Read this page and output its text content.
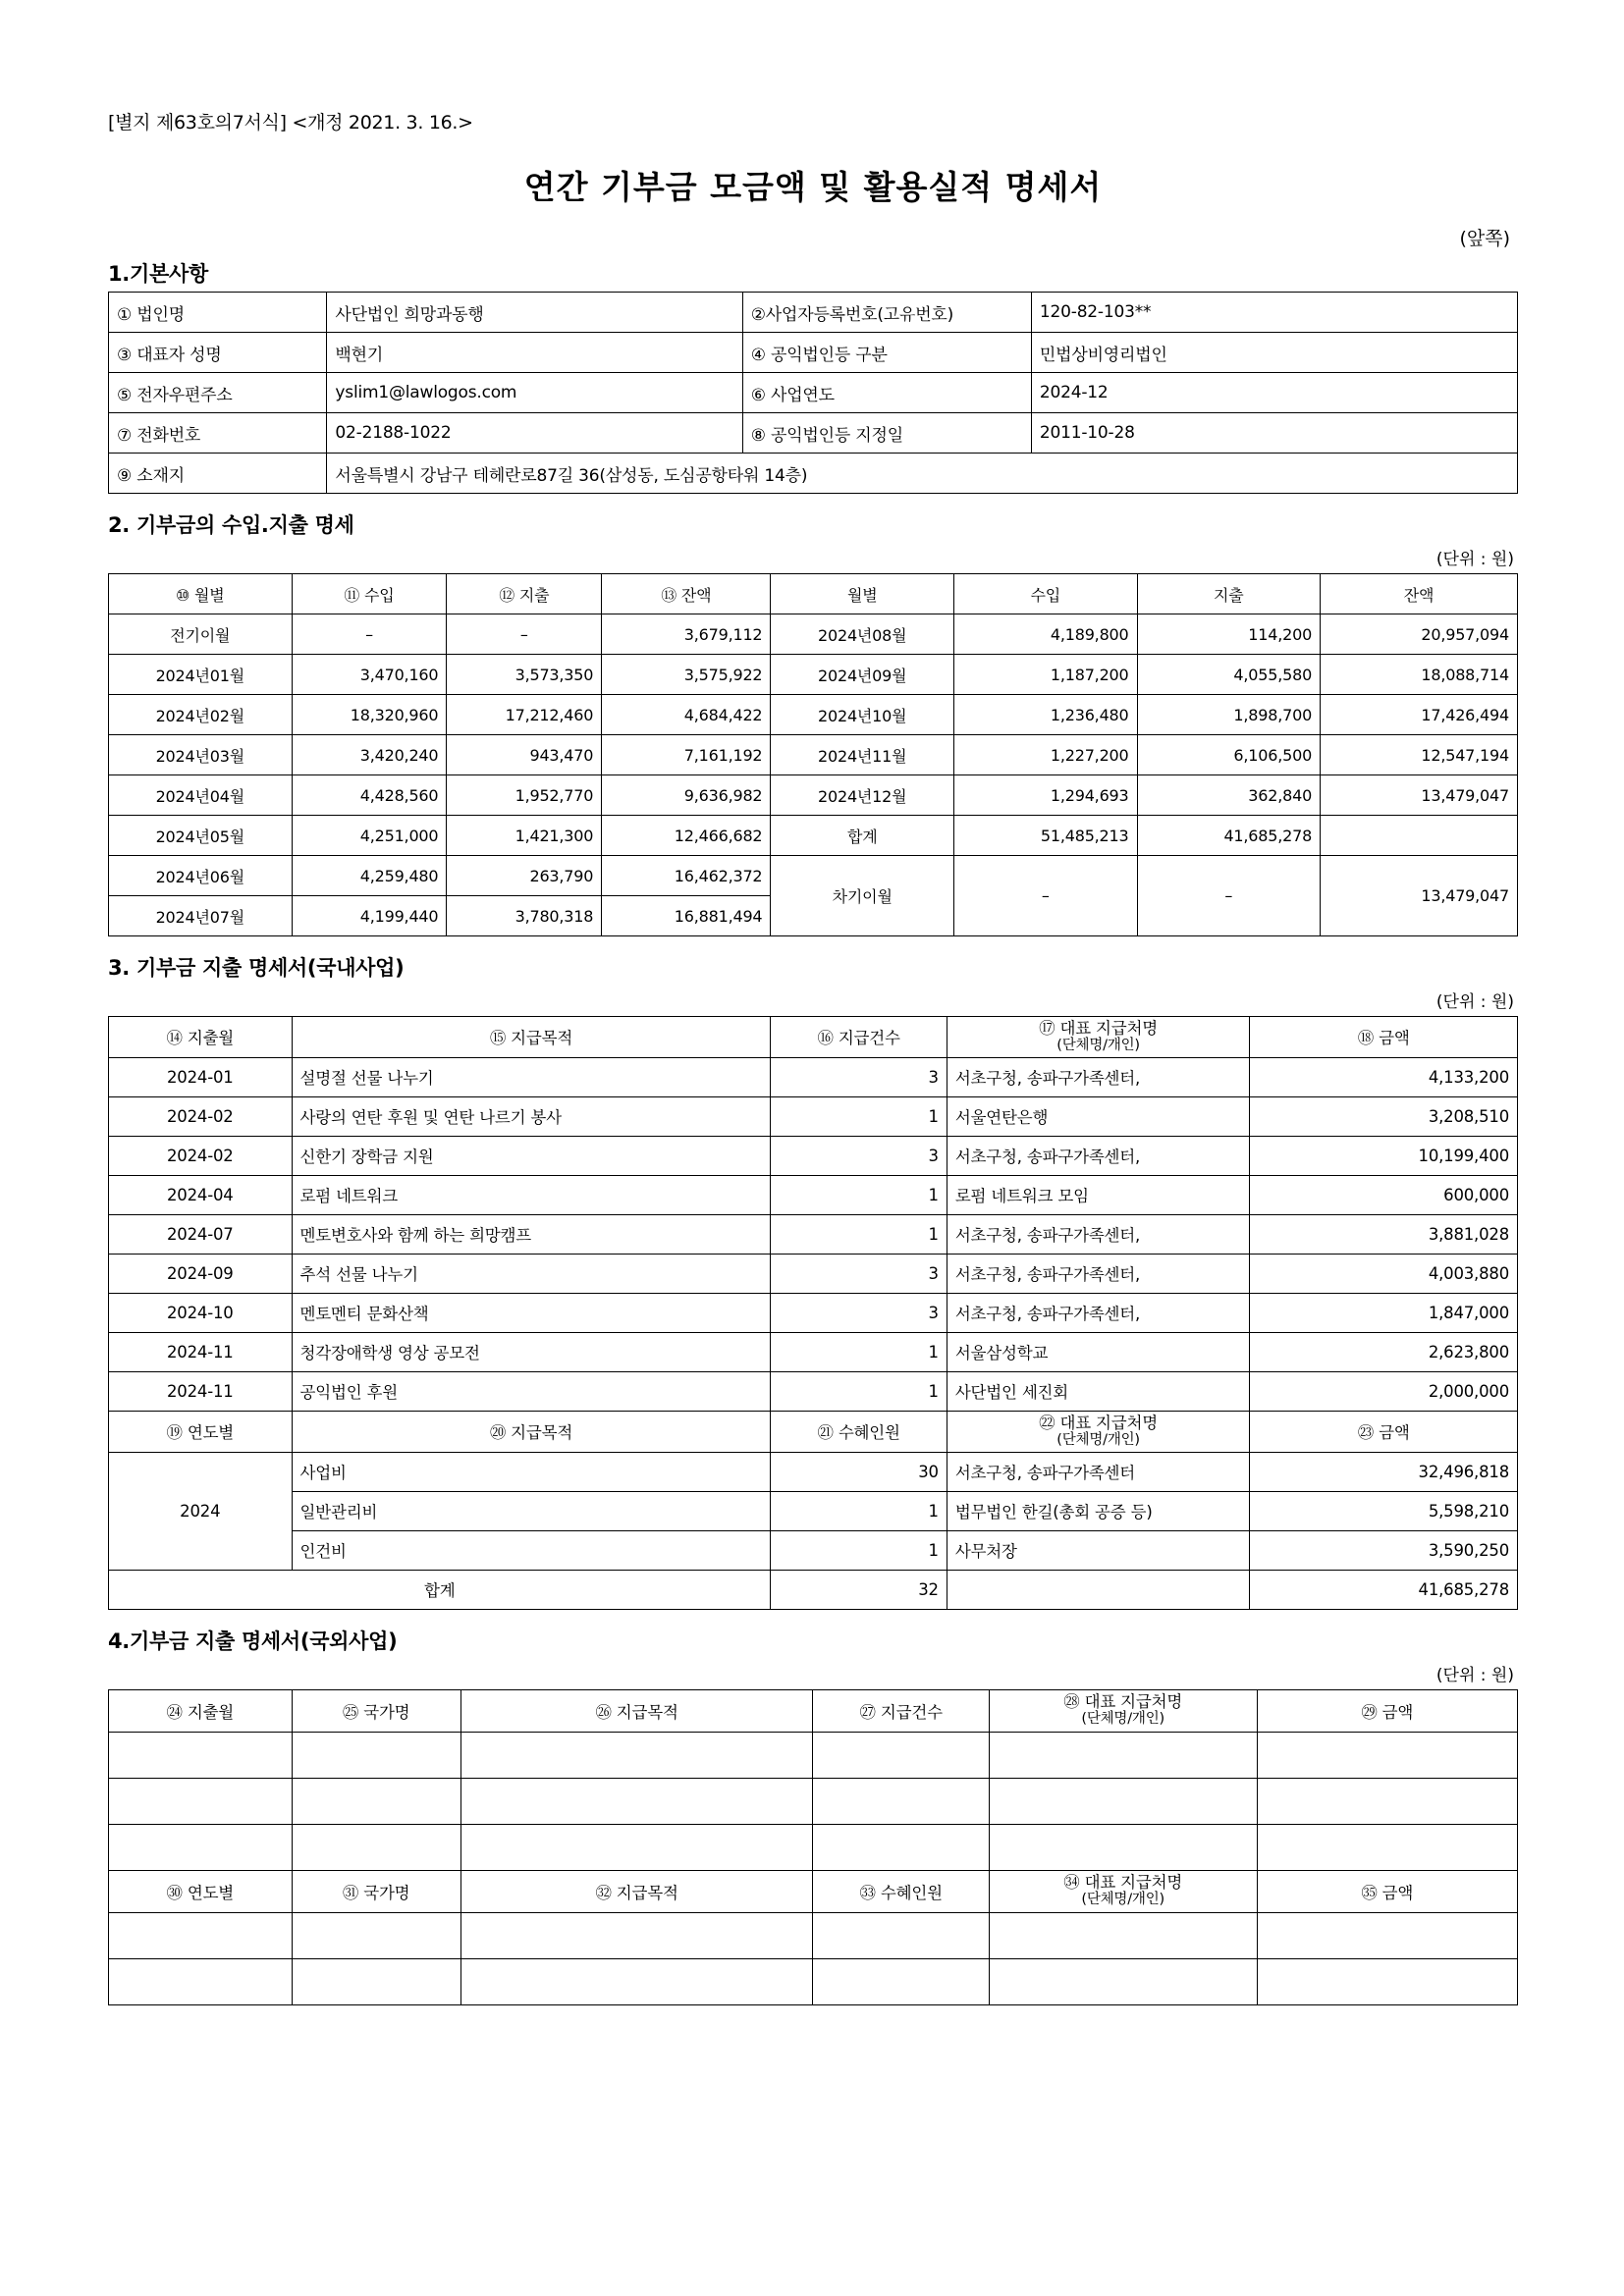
[별지 제63호의7서식] <개정 2021. 3. 16.>
연간 기부금 모금액 및 활용실적 명세서
(앞쪽)
1.기본사항
① 법인명	사단법인 희망과동행	②사업자등록번호(고유번호)	120-82-103**
③ 대표자 성명	백현기	④ 공익법인등 구분	민법상비영리법인
⑤ 전자우편주소	yslim1@lawlogos.com	⑥ 사업연도	2024-12
⑦ 전화번호	02-2188-1022	⑧ 공익법인등 지정일	2011-10-28
⑨ 소재지	서울특별시 강남구 테헤란로87길 36(삼성동, 도심공항타워 14층)		
2. 기부금의 수입.지출 명세
(단위 : 원)
⑩ 월별	⑪ 수입	⑫ 지출	⑬ 잔액	월별	수입	지출	잔액
전기이월	–	–	3,679,112	2024년08월	4,189,800	114,200	20,957,094
2024년01월	3,470,160	3,573,350	3,575,922	2024년09월	1,187,200	4,055,580	18,088,714
2024년02월	18,320,960	17,212,460	4,684,422	2024년10월	1,236,480	1,898,700	17,426,494
2024년03월	3,420,240	943,470	7,161,192	2024년11월	1,227,200	6,106,500	12,547,194
2024년04월	4,428,560	1,952,770	9,636,982	2024년12월	1,294,693	362,840	13,479,047
2024년05월	4,251,000	1,421,300	12,466,682	합계	51,485,213	41,685,278	
2024년06월	4,259,480	263,790	16,462,372	차기이월	–	–	13,479,047
2024년07월	4,199,440	3,780,318	16,881,494				
3. 기부금 지출 명세서(국내사업)
(단위 : 원)
⑭ 지출월	⑮ 지급목적	⑯ 지급건수	⑰ 대표 지급처명
(단체명/개인)	⑱ 금액
2024-01	설명절 선물 나누기	3	서초구청, 송파구가족센터,	4,133,200
2024-02	사랑의 연탄 후원 및 연탄 나르기 봉사	1	서울연탄은행	3,208,510
2024-02	신한기 장학금 지원	3	서초구청, 송파구가족센터,	10,199,400
2024-04	로펌 네트워크	1	로펌 네트워크 모임	600,000
2024-07	멘토변호사와 함께 하는 희망캠프	1	서초구청, 송파구가족센터,	3,881,028
2024-09	추석 선물 나누기	3	서초구청, 송파구가족센터,	4,003,880
2024-10	멘토멘티 문화산책	3	서초구청, 송파구가족센터,	1,847,000
2024-11	청각장애학생 영상 공모전	1	서울삼성학교	2,623,800
2024-11	공익법인 후원	1	사단법인 세진회	2,000,000
⑲ 연도별	⑳ 지급목적	㉑ 수혜인원	㉒ 대표 지급처명
(단체명/개인)	㉓ 금액
2024	사업비	30	서초구청, 송파구가족센터	32,496,818
	일반관리비	1	법무법인 한길(총회 공증 등)	5,598,210
	인건비	1	사무처장	3,590,250
합계		32		41,685,278
4.기부금 지출 명세서(국외사업)
(단위 : 원)
㉔ 지출월	㉕ 국가명	㉖ 지급목적	㉗ 지급건수	㉘ 대표 지급처명
(단체명/개인)	㉙ 금액

㉚ 연도별	㉛ 국가명	㉜ 지급목적	㉝ 수혜인원	㉞ 대표 지급처명
(단체명/개인)	㉟ 금액
